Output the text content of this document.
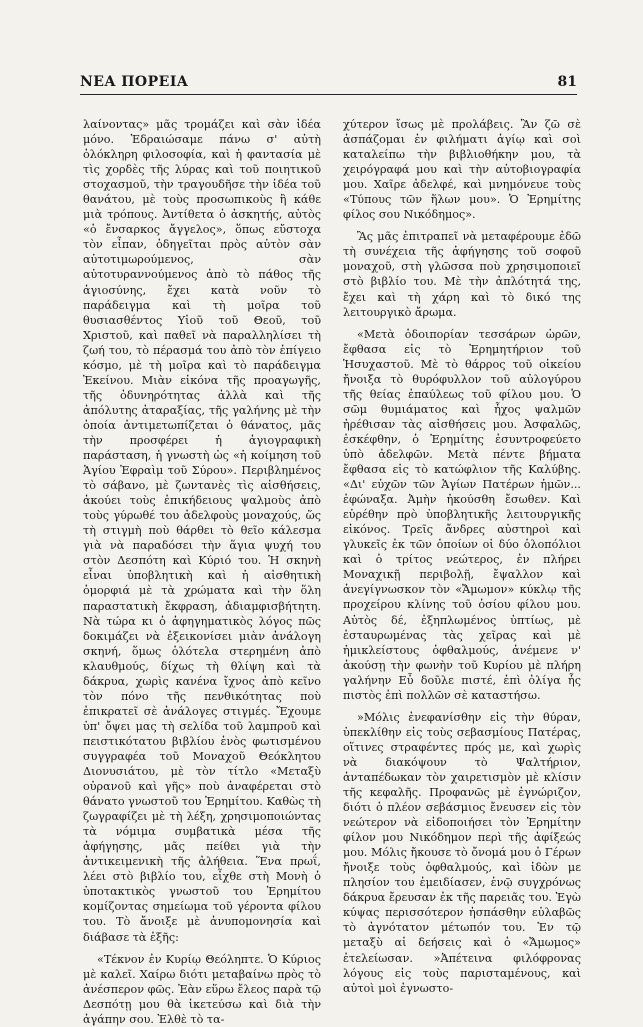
ΝΕΑ ΠΟΡΕΙΑ	81

λαίνοντας» μᾶς τρομάζει καὶ σὰν ἰδέα μόνο. Ἐδραιώσαμε πάνω σ' αὐτὴ ὁλόκληρη φιλοσοφία, καὶ ἡ φαντασία μὲ τὶς χορδὲς τῆς λύρας καὶ τοῦ ποιητικοῦ στοχασμοῦ, τὴν τραγουδῆσε τὴν ἰδέα τοῦ θανάτου, μὲ τοὺς προσωπικοὺς ἢ κάθε μιὰ τρόπους. Ἀντίθετα ὁ ἀσκητής, αὐτὸς «ὁ ἔνσαρκος ἄγγελος», ὅπως εὔστοχα τὸν εἶπαν, ὁδηγεῖται πρὸς αὐτὸν σὰν αὐτοτιμωρούμενος, σὰν αὐτοτυραννούμενος ἀπὸ τὸ πάθος τῆς ἁγιοσύνης, ἔχει κατὰ νοῦν τὸ παράδειγμα καὶ τὴ μοῖρα τοῦ θυσιασθέντος Υἱοῦ τοῦ Θεοῦ, τοῦ Χριστοῦ, καὶ παθεῖ νὰ παραλληλίσει τὴ ζωή του, τὸ πέρασμά του ἀπὸ τὸν ἐπίγειο κόσμο, μὲ τὴ μοῖρα καὶ τὸ παράδειγμα Ἐκείνου. Μιὰν εἰκόνα τῆς προαγωγῆς, τῆς ὀδυνηρότητας ἀλλὰ καὶ τῆς ἀπόλυτης ἀταραξίας, τῆς γαλήνης μὲ τὴν ὁποία ἀντιμετωπίζεται ὁ θάνατος, μᾶς τὴν προσφέρει ἡ ἁγιογραφικὴ παράσταση, ἡ γνωστὴ ὡς «ἡ κοίμηση τοῦ Ἁγίου Ἐφραὶμ τοῦ Σύρου». Περιβλημένος τὸ σάβανο, μὲ ζωντανὲς τὶς αἰσθήσεις, ἀκούει τοὺς ἐπικήδειους ψαλμοὺς ἀπὸ τοὺς γύρωθέ του ἀδελφοὺς μοναχούς, ὥς τὴ στιγμὴ ποὺ θάρθει τὸ θεῖο κάλεσμα γιὰ νὰ παραδόσει τὴν ἅγια ψυχή του στὸν Δεσπότη καὶ Κύριό του. Ἡ σκηνὴ εἶναι ὑποβλητικὴ καὶ ἡ αἰσθητικὴ ὁμορφιά μὲ τὰ χρώματα καὶ τὴν ὅλη παραστατικὴ ἔκφραση, ἀδιαμφισβήτητη. Νὰ τώρα κι ὁ ἀφηγηματικὸς λόγος πῶς δοκιμάζει νὰ ἐξεικονίσει μιὰν ἀνάλογη σκηνή, ὅμως ὁλότελα στερημένη ἀπὸ κλαυθμούς, δίχως τὴ θλίψη καὶ τὰ δάκρυα, χωρὶς κανένα ἴχνος ἀπὸ κεῖνο τὸν πόνο τῆς πενθικότητας ποὺ ἐπικρατεῖ σὲ ἀνάλογες στιγμές. Ἔχουμε ὑπ' ὄψει μας τὴ σελίδα τοῦ λαμπροῦ καὶ πειστικότατου βιβλίου ἑνὸς φωτισμένου συγγραφέα τοῦ Μοναχοῦ Θεόκλητου Διονυσιάτου, μὲ τὸν τίτλο «Μεταξὺ οὐρανοῦ καὶ γῆς» ποὺ ἀναφέρεται στὸ θάνατο γνωστοῦ του Ἐρημίτου. Καθὼς τὴ ζωγραφίζει μὲ τὴ λέξη, χρησιμοποιώντας τὰ νόμιμα συμβατικὰ μέσα τῆς ἀφήγησης, μᾶς πείθει γιὰ τὴν ἀντικειμενικὴ τῆς ἀλήθεια. Ἕνα πρωΐ, λέει στὸ βιβλίο του, εἶχθε στὴ Μονὴ ὁ ὑποτακτικὸς γνωστοῦ του Ἐρημίτου κομίζοντας σημείωμα τοῦ γέροντα φίλου του. Τὸ ἄνοιξε μὲ ἀνυπομονησία καὶ διάβασε τὰ ἑξῆς:

«Τέκνον ἐν Κυρίῳ Θεόληπτε. Ὁ Κύριος μὲ καλεῖ. Χαίρω διότι μεταβαίνω πρὸς τὸ ἀνέσπερον φῶς. Ἐὰν εὕρω ἔλεος παρὰ τῷ Δεσπότῃ μου θὰ ἱκετεύσω καὶ διὰ τὴν ἀγάπην σου. Ἐλθὲ τὸ τα-

χύτερον ἴσως μὲ προλάβεις. Ἂν ζῶ σὲ ἀσπάζομαι ἐν φιλήματι ἁγίῳ καὶ σοὶ καταλείπω τὴν βιβλιοθήκην μου, τὰ χειρόγραφά μου καὶ τὴν αὐτοβιογραφία μου. Χαῖρε ἀδελφέ, καὶ μνημόνευε τοὺς «Τύπους τῶν ἥλων μου». Ὁ Ἐρημίτης φίλος σου Νικόδημος».

Ἂς μᾶς ἐπιτραπεῖ νὰ μεταφέρουμε ἐδῶ τὴ συνέχεια τῆς ἀφήγησης τοῦ σοφοῦ μοναχοῦ, στὴ γλῶσσα ποὺ χρησιμοποιεῖ στὸ βιβλίο του. Μὲ τὴν ἁπλότητά της, ἔχει καὶ τὴ χάρη καὶ τὸ δικό της λειτουργικὸ ἄρωμα.

«Μετὰ ὁδοιπορίαν τεσσάρων ὡρῶν, ἔφθασα εἰς τὸ Ἐρημητήριον τοῦ Ἡσυχαστοῦ. Μὲ τὸ θάρρος τοῦ οἰκείου ἤνοιξα τὸ θυρόφυλλον τοῦ αὐλογύρου τῆς θείας ἐπαύλεως τοῦ φίλου μου. Ὁ σῶμ θυμιάματος καὶ ἦχος ψαλμῶν ἠρέθισαν τὰς αἰσθήσεις μου. Ἀσφαλῶς, ἐσκέφθην, ὁ Ἐρημίτης ἐσυντροφεύετο ὑπὸ ἀδελφῶν. Μετὰ πέντε βήματα ἔφθασα εἰς τὸ κατώφλιον τῆς Καλύβης. «Δι' εὐχῶν τῶν Ἁγίων Πατέρων ἡμῶν... ἐφώναξα. Ἀμὴν ἠκούσθη ἔσωθεν. Καὶ εὑρέθην πρὸ ὑποβλητικῆς λειτουργικῆς εἰκόνος. Τρεῖς ἄνδρες αὐστηροὶ καὶ γλυκεῖς ἐκ τῶν ὁποίων οἱ δύο ὁλοπόλιοι καὶ ὁ τρίτος νεώτερος, ἐν πλήρει Μοναχικῇ περιβολῇ, ἔψαλλον καὶ ἀνεγίγνωσκον τὸν «Ἄμωμον» κύκλῳ τῆς προχείρου κλίνης τοῦ ὁσίου φίλου μου. Αὐτὸς δέ, ἐξηπλωμένος ὑπτίως, μὲ ἐσταυρωμένας τὰς χεῖρας καὶ μὲ ἡμικλείστους ὀφθαλμούς, ἀνέμενε ν' ἀκούσῃ τὴν φωνὴν τοῦ Κυρίου μὲ πλήρη γαλήνην Εὖ δοῦλε πιστέ, ἐπὶ ὀλίγα ἧς πιστὸς ἐπὶ πολλῶν σὲ καταστήσω.

»Μόλις ἐνεφανίσθην εἰς τὴν θύραν, ὑπεκλίθην εἰς τοὺς σεβασμίους Πατέρας, οἵτινες στραφέντες πρός με, καὶ χωρὶς νὰ διακόψουν τὸ Ψαλτήριον, ἀνταπέδωκαν τὸν χαιρετισμὸν μὲ κλίσιν τῆς κεφαλῆς. Προφανῶς μὲ ἐγνώριζον, διότι ὁ πλέον σεβάσμιος ἔνευσεν εἰς τὸν νεώτερον νὰ εἰδοποιήσει τὸν Ἐρημίτην φίλον μου Νικόδημον περὶ τῆς ἀφίξεώς μου. Μόλις ἤκουσε τὸ ὄνομά μου ὁ Γέρων ἤνοιξε τοὺς ὀφθαλμούς, καὶ ἰδὼν με πλησίον του ἐμειδίασεν, ἐνῷ συγχρόνως δάκρυα ἔρευσαν ἐκ τῆς παρειᾶς του. Ἐγὼ κύψας περισσότερον ἠσπάσθην εὐλαβῶς τὸ ἀγνότατον μέτωπόν του. Ἐν τῷ μεταξὺ αἱ δεήσεις καὶ ὁ «Ἄμωμος» ἐτελείωσαν. »Ἀπέτεινα φιλόφρονας λόγους εἰς τοὺς παρισταμένους, καὶ αὐτοὶ μοὶ ἐγνωστο-
